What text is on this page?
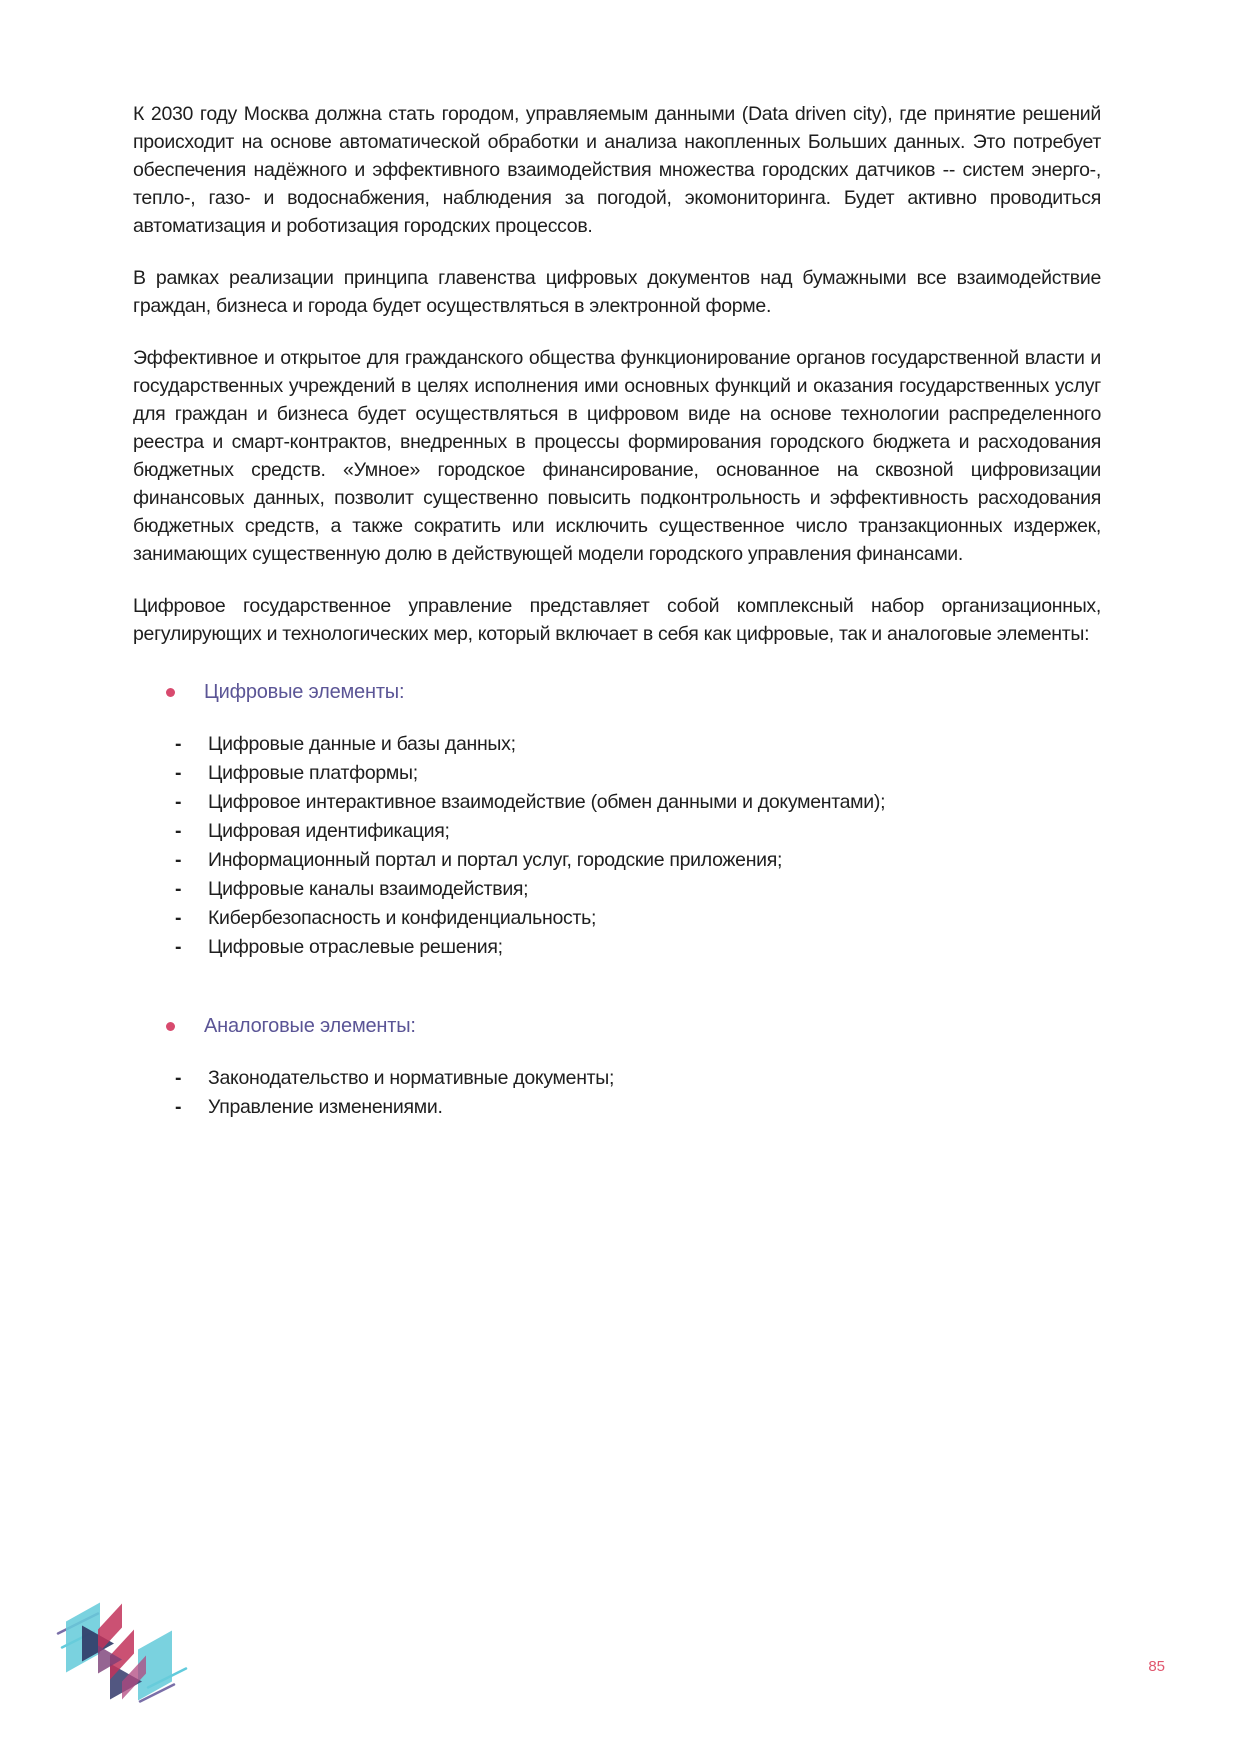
К 2030 году Москва должна стать городом, управляемым данными (Data driven city), где принятие решений происходит на основе автоматической обработки и анализа накопленных Больших данных. Это потребует обеспечения надёжного и эффективного взаимодействия множества городских датчиков -- систем энерго-, тепло-, газо- и водоснабжения, наблюдения за погодой, экомониторинга. Будет активно проводиться автоматизация и роботизация городских процессов.

В рамках реализации принципа главенства цифровых документов над бумажными все взаимодействие граждан, бизнеса и города будет осуществляться в электронной форме.

Эффективное и открытое для гражданского общества функционирование органов государственной власти и государственных учреждений в целях исполнения ими основных функций и оказания государственных услуг для граждан и бизнеса будет осуществляться в цифровом виде на основе технологии распределенного реестра и смарт-контрактов, внедренных в процессы формирования городского бюджета и расходования бюджетных средств. «Умное» городское финансирование, основанное на сквозной цифровизации финансовых данных, позволит существенно повысить подконтрольность и эффективность расходования бюджетных средств, а также сократить или исключить существенное число транзакционных издержек, занимающих существенную долю в действующей модели городского управления финансами.

Цифровое государственное управление представляет собой комплексный набор организационных, регулирующих и технологических мер, который включает в себя как цифровые, так и аналоговые элементы:

Цифровые элементы:
- Цифровые данные и базы данных;
- Цифровые платформы;
- Цифровое интерактивное взаимодействие (обмен данными и документами);
- Цифровая идентификация;
- Информационный портал и портал услуг, городские приложения;
- Цифровые каналы взаимодействия;
- Кибербезопасность и конфиденциальность;
- Цифровые отраслевые решения;
Аналоговые элементы:
- Законодательство и нормативные документы;
- Управление изменениями.
85
